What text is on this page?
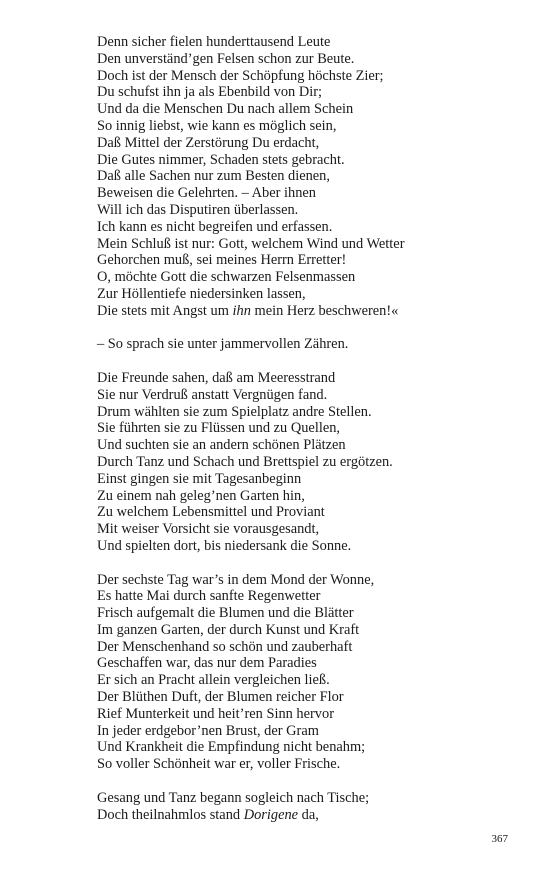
Denn sicher fielen hunderttausend Leute
Den unverständ’gen Felsen schon zur Beute.
Doch ist der Mensch der Schöpfung höchste Zier;
Du schufst ihn ja als Ebenbild von Dir;
Und da die Menschen Du nach allem Schein
So innig liebst, wie kann es möglich sein,
Daß Mittel der Zerstörung Du erdacht,
Die Gutes nimmer, Schaden stets gebracht.
Daß alle Sachen nur zum Besten dienen,
Beweisen die Gelehrten. – Aber ihnen
Will ich das Disputiren überlassen.
Ich kann es nicht begreifen und erfassen.
Mein Schluß ist nur: Gott, welchem Wind und Wetter
Gehorchen muß, sei meines Herrn Erretter!
O, möchte Gott die schwarzen Felsenmassen
Zur Höllentiefe niedersinken lassen,
Die stets mit Angst um ihn mein Herz beschweren!«
– So sprach sie unter jammervollen Zähren.
Die Freunde sahen, daß am Meeresstrand
Sie nur Verdruß anstatt Vergnügen fand.
Drum wählten sie zum Spielplatz andre Stellen.
Sie führten sie zu Flüssen und zu Quellen,
Und suchten sie an andern schönen Plätzen
Durch Tanz und Schach und Brettspiel zu ergötzen.
Einst gingen sie mit Tagesanbeginn
Zu einem nah geleg’nen Garten hin,
Zu welchem Lebensmittel und Proviant
Mit weiser Vorsicht sie vorausgesandt,
Und spielten dort, bis niedersank die Sonne.
Der sechste Tag war’s in dem Mond der Wonne,
Es hatte Mai durch sanfte Regenwetter
Frisch aufgemalt die Blumen und die Blätter
Im ganzen Garten, der durch Kunst und Kraft
Der Menschenhand so schön und zauberhaft
Geschaffen war, das nur dem Paradies
Er sich an Pracht allein vergleichen ließ.
Der Blüthen Duft, der Blumen reicher Flor
Rief Munterkeit und heit’ren Sinn hervor
In jeder erdgebor’nen Brust, der Gram
Und Krankheit die Empfindung nicht benahm;
So voller Schönheit war er, voller Frische.
Gesang und Tanz begann sogleich nach Tische;
Doch theilnahmlos stand Dorigene da,
367
